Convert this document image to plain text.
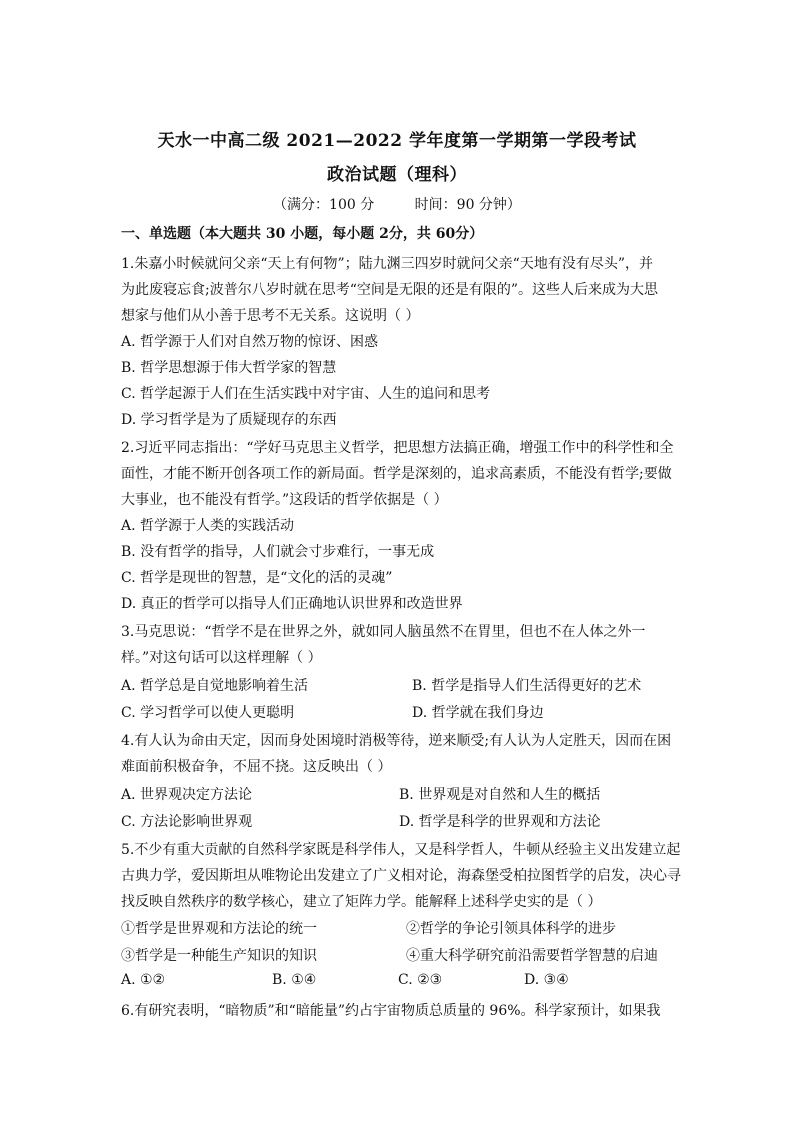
天水一中高二级 2021—2022 学年度第一学期第一学段考试
政治试题（理科）
（满分：100 分	时间：90 分钟）
一、单选题（本大题共 30 小题，每小题 2分，共 60分）
1.朱嘉小时候就问父亲“天上有何物”；陆九渊三四岁时就问父亲“天地有没有尽头”，并
为此废寝忘食;波普尔八岁时就在思考“空间是无限的还是有限的”。这些人后来成为大思
想家与他们从小善于思考不无关系。这说明（ ）
A. 哲学源于人们对自然万物的惊讶、困惑
B. 哲学思想源于伟大哲学家的智慧
C. 哲学起源于人们在生活实践中对宇宙、人生的追问和思考
D. 学习哲学是为了质疑现存的东西
2.习近平同志指出：“学好马克思主义哲学，把思想方法搞正确，增强工作中的科学性和全
面性，才能不断开创各项工作的新局面。哲学是深刻的，追求高素质，不能没有哲学;要做
大事业，也不能没有哲学。”这段话的哲学依据是（ ）
A. 哲学源于人类的实践活动
B. 没有哲学的指导，人们就会寸步难行，一事无成
C. 哲学是现世的智慧，是“文化的活的灵魂”
D. 真正的哲学可以指导人们正确地认识世界和改造世界
3.马克思说：“哲学不是在世界之外，就如同人脑虽然不在胃里，但也不在人体之外一
样。”对这句话可以这样理解（ ）
A. 哲学总是自觉地影响着生活	B. 哲学是指导人们生活得更好的艺术
C. 学习哲学可以使人更聪明	D. 哲学就在我们身边
4.有人认为命由天定，因而身处困境时消极等待，逆来顺受;有人认为人定胜天，因而在困
难面前积极奋争，不屈不挠。这反映出（ ）
A. 世界观决定方法论	B. 世界观是对自然和人生的概括
C. 方法论影响世界观	D. 哲学是科学的世界观和方法论
5.不少有重大贡献的自然科学家既是科学伟人，又是科学哲人，牛顿从经验主义出发建立起
古典力学，爱因斯坦从唯物论出发建立了广义相对论，海森堡受柏拉图哲学的启发，决心寻
找反映自然秩序的数学核心，建立了矩阵力学。能解释上述科学史实的是（ ）
①哲学是世界观和方法论的统一	②哲学的争论引领具体科学的进步
③哲学是一种能生产知识的知识	④重大科学研究前沿需要哲学智慧的启迪
A. ①②	B. ①④	C. ②③	D. ③④
6.有研究表明，“暗物质”和“暗能量”约占宇宙物质总质量的 96%。科学家预计，如果我
